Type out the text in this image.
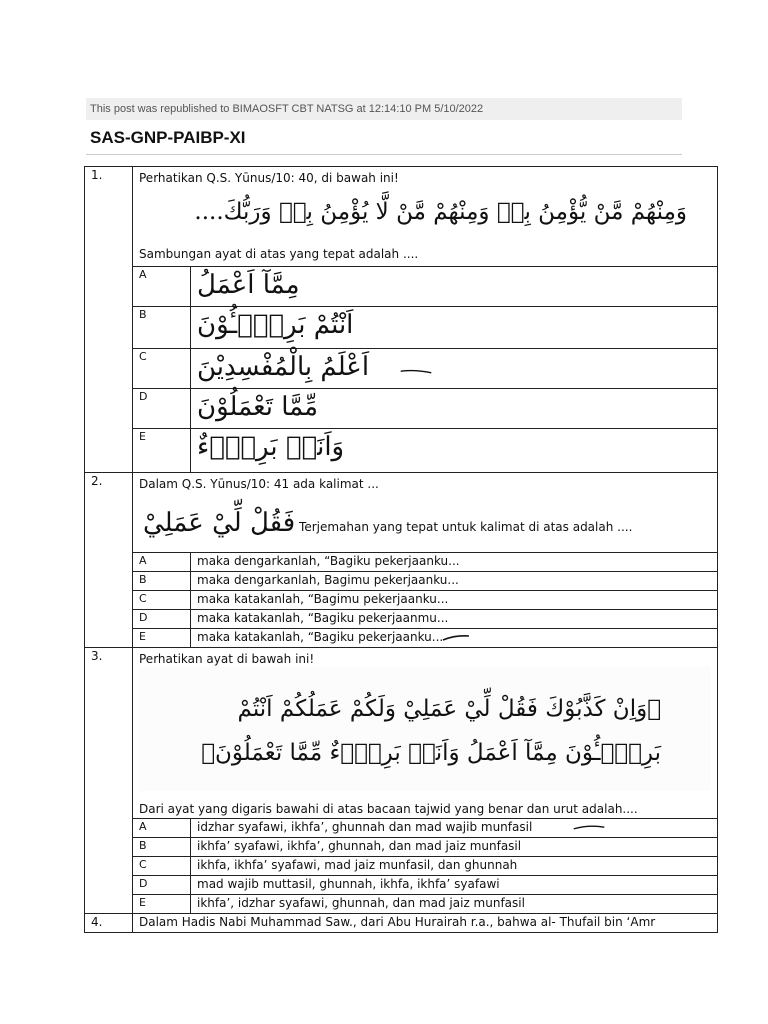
This post was republished to BIMAOSFT CBT NATSG at 12:14:10 PM 5/10/2022
SAS-GNP-PAIBP-XI
1.	Perhatikan Q.S. Yūnus/10: 40, di bawah ini!
وَمِنْهُمْ مَّنْ يُّؤْمِنُ بِهٖ وَمِنْهُمْ مَّنْ لَّا يُؤْمِنُ بِهٖ وَرَبُّكَ....
Sambungan ayat di atas yang tepat adalah ....	

	A	مِمَّآ اَعْمَلُ
	B	اَنْتُمْ بَرِيْۤـُٔوْنَ
	C	اَعْلَمُ بِالْمُفْسِدِيْنَ
	D	مِّمَّا تَعْمَلُوْنَ
	E	وَاَنَا۠ بَرِيْۤءٌ
2.	Dalam Q.S. Yūnus/10: 41 ada kalimat ...
فَقُلْ لِّيْ عَمَلِيْ Terjemahan yang tepat untuk kalimat di atas adalah ....	

	A	maka dengarkanlah, “Bagiku pekerjaanku...
	B	maka dengarkanlah, Bagimu pekerjaanku...
	C	maka katakanlah, “Bagimu pekerjaanku...
	D	maka katakanlah, “Bagiku pekerjaanmu...
	E	maka katakanlah, “Bagiku pekerjaanku...
3.	Perhatikan ayat di bawah ini!
﴿وَاِنْ كَذَّبُوْكَ فَقُلْ لِّيْ عَمَلِيْ وَلَكُمْ عَمَلُكُمْ اَنْتُمْ بَرِيْۤـُٔوْنَ مِمَّآ اَعْمَلُ وَاَنَا۠ بَرِيْۤءٌ مِّمَّا تَعْمَلُوْنَ﴾
Dari ayat yang digaris bawahi di atas bacaan tajwid yang benar dan urut adalah....	

	A	idzhar syafawi, ikhfa’, ghunnah dan mad wajib munfasil
	B	ikhfa’ syafawi, ikhfa’, ghunnah, dan mad jaiz munfasil
	C	ikhfa, ikhfa’ syafawi, mad jaiz munfasil, dan ghunnah
	D	mad wajib muttasil, ghunnah, ikhfa, ikhfa’ syafawi
	E	ikhfa’, idzhar syafawi, ghunnah, dan mad jaiz munfasil
4.	Dalam Hadis Nabi Muhammad Saw., dari Abu Hurairah r.a., bahwa al- Thufail bin ‘Amr	
